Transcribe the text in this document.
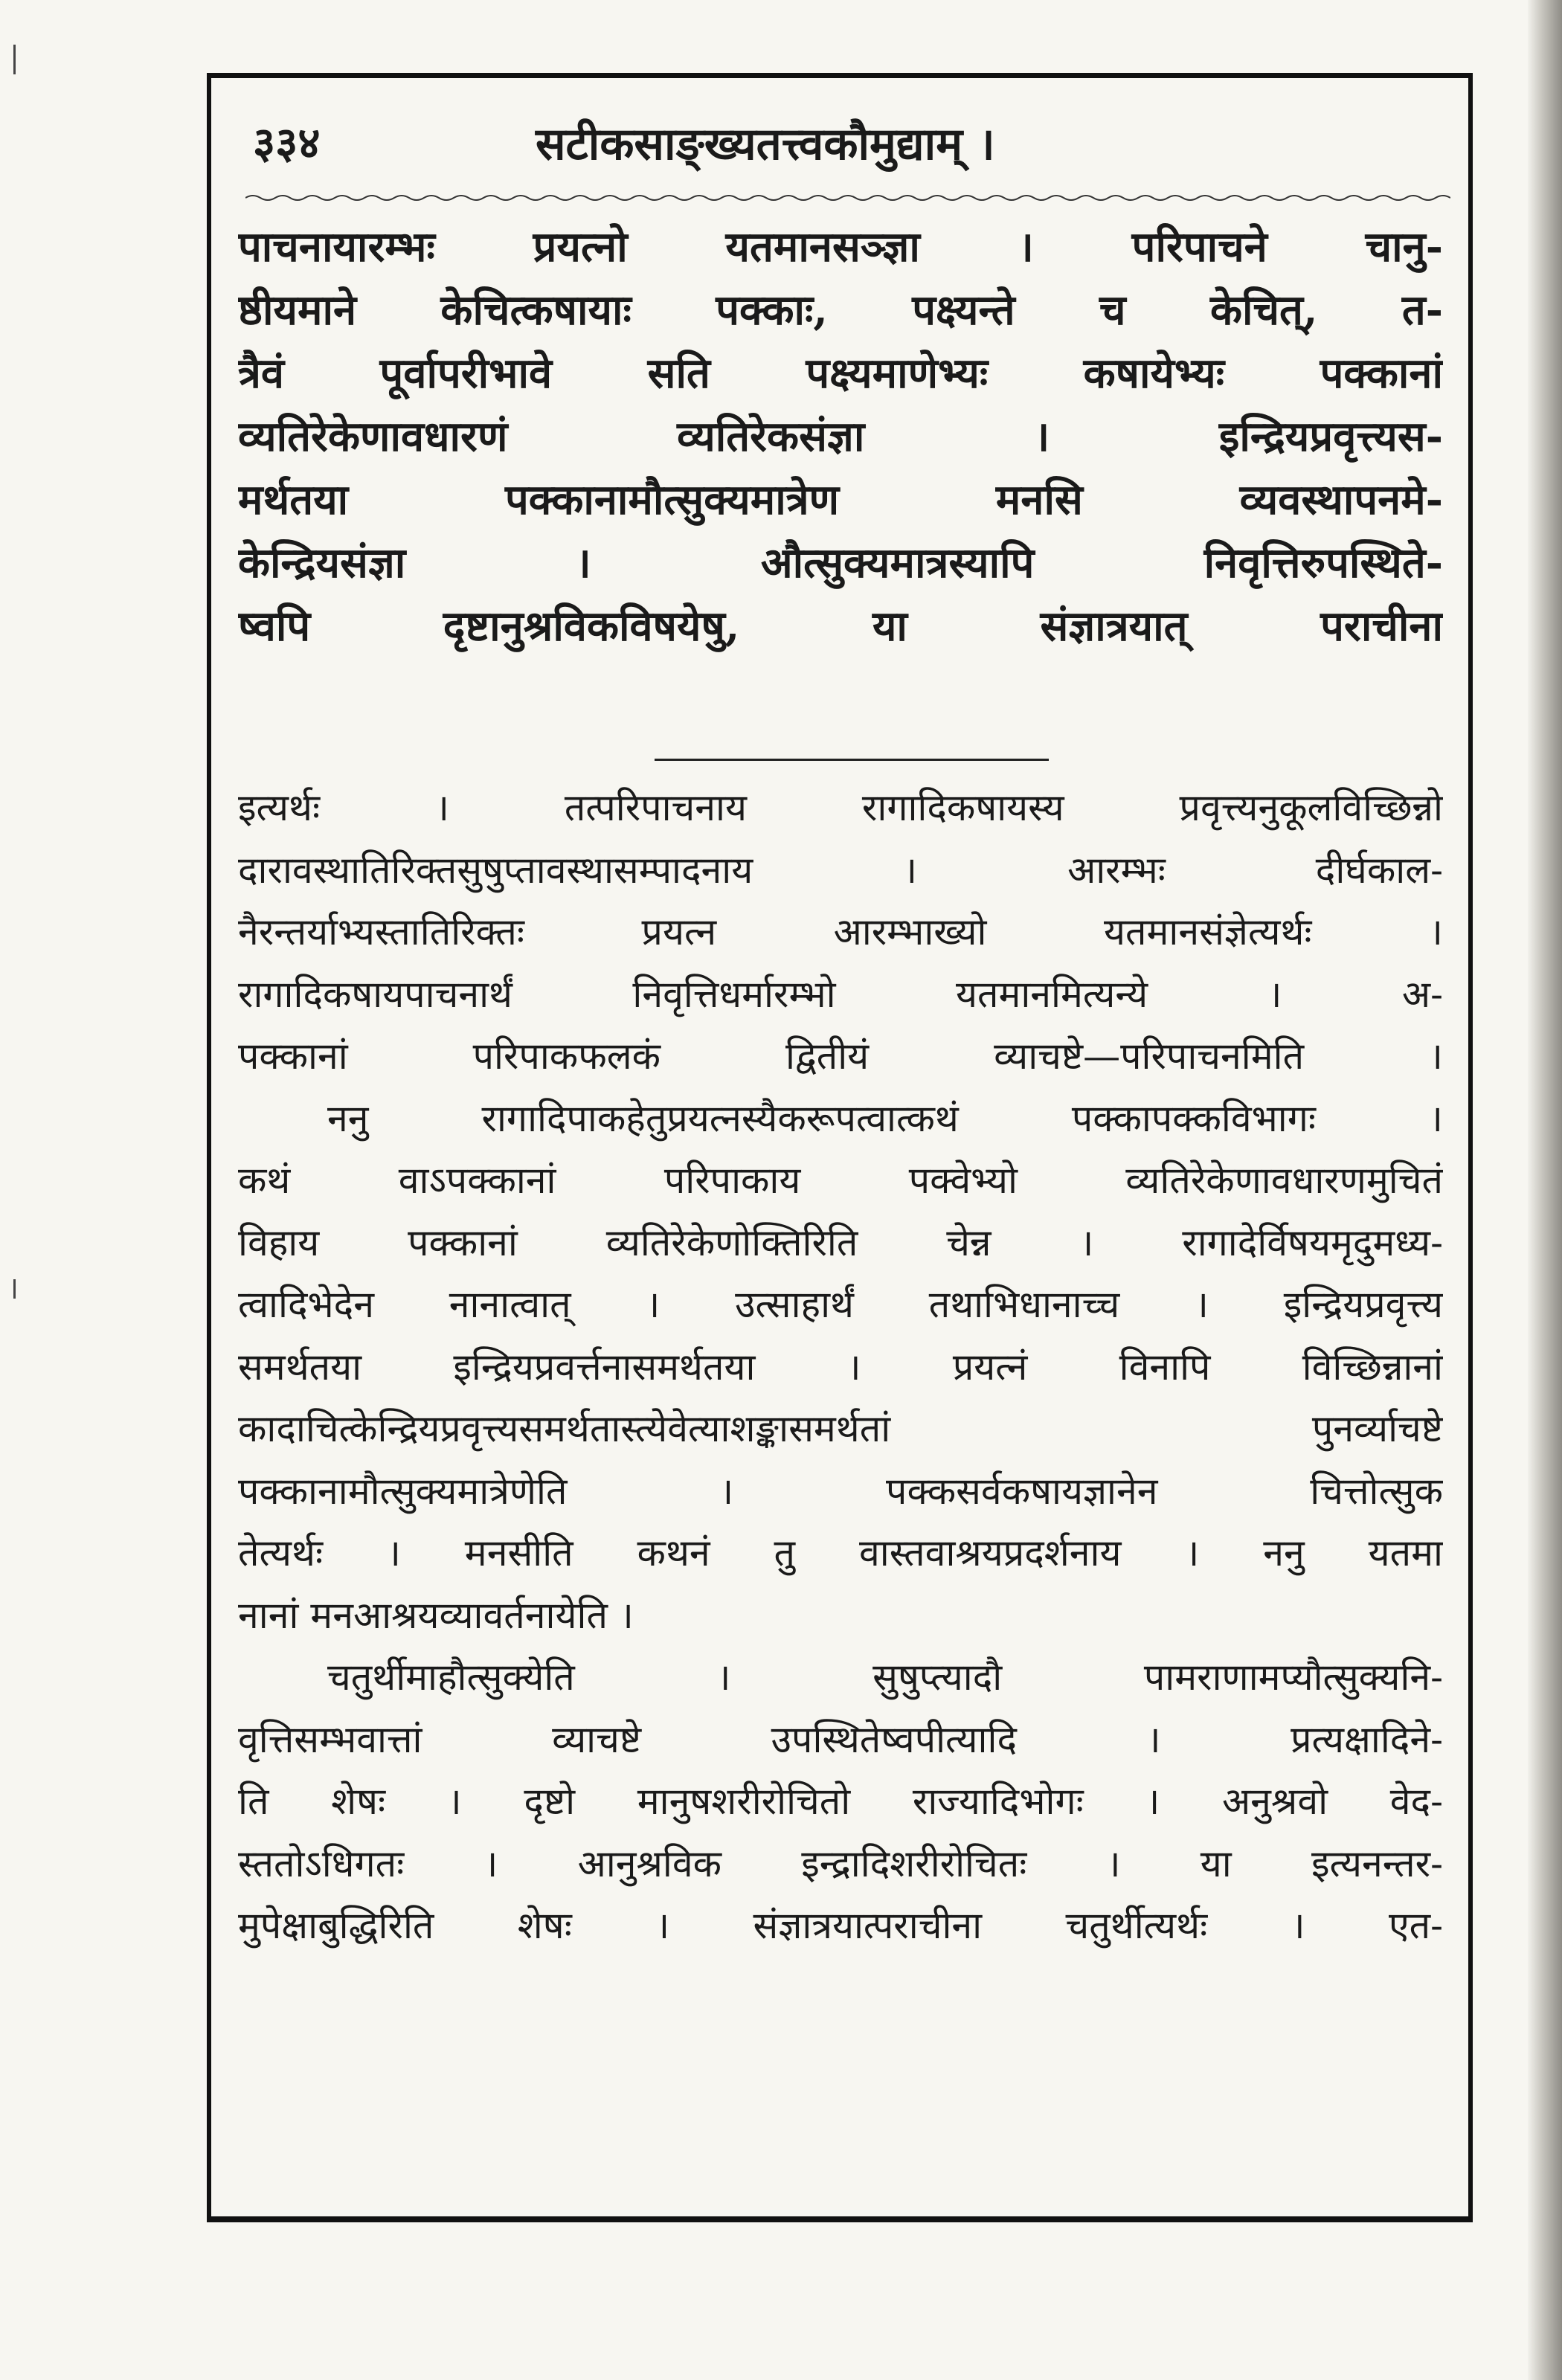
३३४	सटीकसाङ्ख्यतत्त्वकौमुद्याम् ।
पाचनायारम्भः प्रयत्नो यतमानसञ्ज्ञा । परिपाचने चानु-
ष्ठीयमाने केचित्कषायाः पक्काः, पक्ष्यन्ते च केचित्, त-
त्रैवं पूर्वापरीभावे सति पक्ष्यमाणेभ्यः कषायेभ्यः पक्कानां
व्यतिरेकेणावधारणं व्यतिरेकसंज्ञा । इन्द्रियप्रवृत्त्यस-
मर्थतया पक्कानामौत्सुक्यमात्रेण मनसि व्यवस्थापनमे-
केन्द्रियसंज्ञा । औत्सुक्यमात्रस्यापि निवृत्तिरुपस्थिते-
ष्वपि दृष्टानुश्रविकविषयेषु, या संज्ञात्रयात् पराचीना
इत्यर्थः । तत्परिपाचनाय रागादिकषायस्य प्रवृत्त्यनुकूलविच्छिन्नो
दारावस्थातिरिक्तसुषुप्तावस्थासम्पादनाय । आरम्भः दीर्घकाल-
नैरन्तर्याभ्यस्तातिरिक्तः प्रयत्न आरम्भाख्यो यतमानसंज्ञेत्यर्थः ।
रागादिकषायपाचनार्थं निवृत्तिधर्मारम्भो यतमानमित्यन्ये । अ-
पक्कानां परिपाकफलकं द्वितीयं व्याचष्टे—परिपाचनमिति ।
ननु रागादिपाकहेतुप्रयत्नस्यैकरूपत्वात्कथं पक्कापक्कविभागः ।
कथं वाऽपक्कानां परिपाकाय पक्वेभ्यो व्यतिरेकेणावधारणमुचितं
विहाय पक्कानां व्यतिरेकेणोक्तिरिति चेन्न । रागादेर्विषयमृदुमध्य-
त्वादिभेदेन नानात्वात् । उत्साहार्थं तथाभिधानाच्च । इन्द्रियप्रवृत्त्य
समर्थतया इन्द्रियप्रवर्त्तनासमर्थतया । प्रयत्नं विनापि विच्छिन्नानां
कादाचित्केन्द्रियप्रवृत्त्यसमर्थतास्त्येवेत्याशङ्कासमर्थतां पुनर्व्याचष्टे
पक्कानामौत्सुक्यमात्रेणेति । पक्कसर्वकषायज्ञानेन चित्तोत्सुक
तेत्यर्थः । मनसीति कथनं तु वास्तवाश्रयप्रदर्शनाय । ननु यतमा
नानां मनआश्रयव्यावर्तनायेति ।
चतुर्थीमाहौत्सुक्येति । सुषुप्त्यादौ पामराणामप्यौत्सुक्यनि-
वृत्तिसम्भवात्तां व्याचष्टे उपस्थितेष्वपीत्यादि । प्रत्यक्षादिने-
ति शेषः । दृष्टो मानुषशरीरोचितो राज्यादिभोगः । अनुश्रवो वेद-
स्ततोऽधिगतः । आनुश्रविक इन्द्रादिशरीरोचितः । या इत्यनन्तर-
मुपेक्षाबुद्धिरिति शेषः । संज्ञात्रयात्पराचीना चतुर्थीत्यर्थः । एत-
